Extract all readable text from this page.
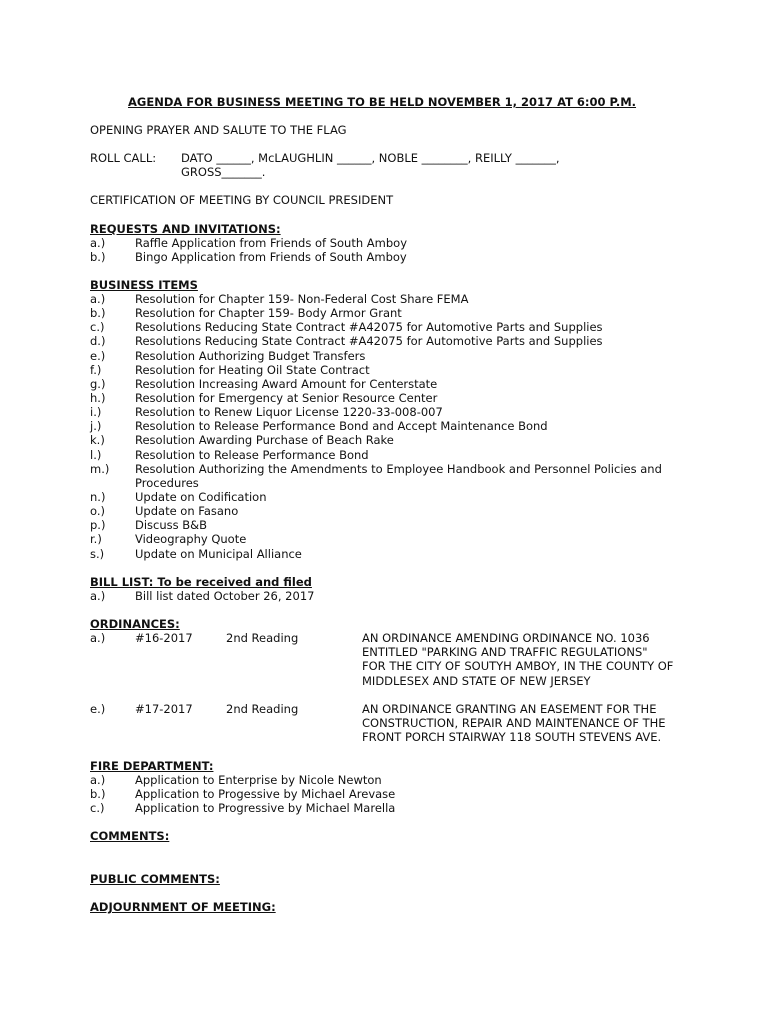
AGENDA FOR BUSINESS MEETING TO BE HELD NOVEMBER 1, 2017 AT 6:00 P.M.
OPENING PRAYER AND SALUTE TO THE FLAG
ROLL CALL: DATO ______, McLAUGHLIN ______, NOBLE ________, REILLY _______,
GROSS_______.
CERTIFICATION OF MEETING BY COUNCIL PRESIDENT
REQUESTS AND INVITATIONS:
a.)	Raffle Application from Friends of South Amboy
b.)	Bingo Application from Friends of South Amboy
BUSINESS ITEMS
a.)	Resolution for Chapter 159- Non-Federal Cost Share FEMA
b.)	Resolution for Chapter 159- Body Armor Grant
c.)	Resolutions Reducing State Contract #A42075 for Automotive Parts and Supplies
d.)	Resolutions Reducing State Contract #A42075 for Automotive Parts and Supplies
e.)	Resolution Authorizing Budget Transfers
f.)	Resolution for Heating Oil State Contract
g.)	Resolution Increasing Award Amount for Centerstate
h.)	Resolution for Emergency at Senior Resource Center
i.)	Resolution to Renew Liquor License 1220-33-008-007
j.)	Resolution to Release Performance Bond and Accept Maintenance Bond
k.)	Resolution Awarding Purchase of Beach Rake
l.)	Resolution to Release Performance Bond
m.) Resolution Authorizing the Amendments to Employee Handbook and Personnel Policies and
Procedures
n.)	Update on Codification
o.)	Update on Fasano
p.)	Discuss B&B
r.)	Videography Quote
s.)	Update on Municipal Alliance
BILL LIST: To be received and filed
a.)	Bill list dated October 26, 2017
ORDINANCES:
a.)	#16-2017	2nd Reading	AN ORDINANCE AMENDING ORDINANCE NO. 1036
ENTITLED "PARKING AND TRAFFIC REGULATIONS"
FOR THE CITY OF SOUTYH AMBOY, IN THE COUNTY OF
MIDDLESEX AND STATE OF NEW JERSEY
e.)	#17-2017	2nd Reading	AN ORDINANCE GRANTING AN EASEMENT FOR THE
CONSTRUCTION, REPAIR AND MAINTENANCE OF THE
FRONT PORCH STAIRWAY 118 SOUTH STEVENS AVE.
FIRE DEPARTMENT:
a.)	Application to Enterprise by Nicole Newton
b.)	Application to Progessive by Michael Arevase
c.)	Application to Progressive by Michael Marella
COMMENTS:
PUBLIC COMMENTS:
ADJOURNMENT OF MEETING:
